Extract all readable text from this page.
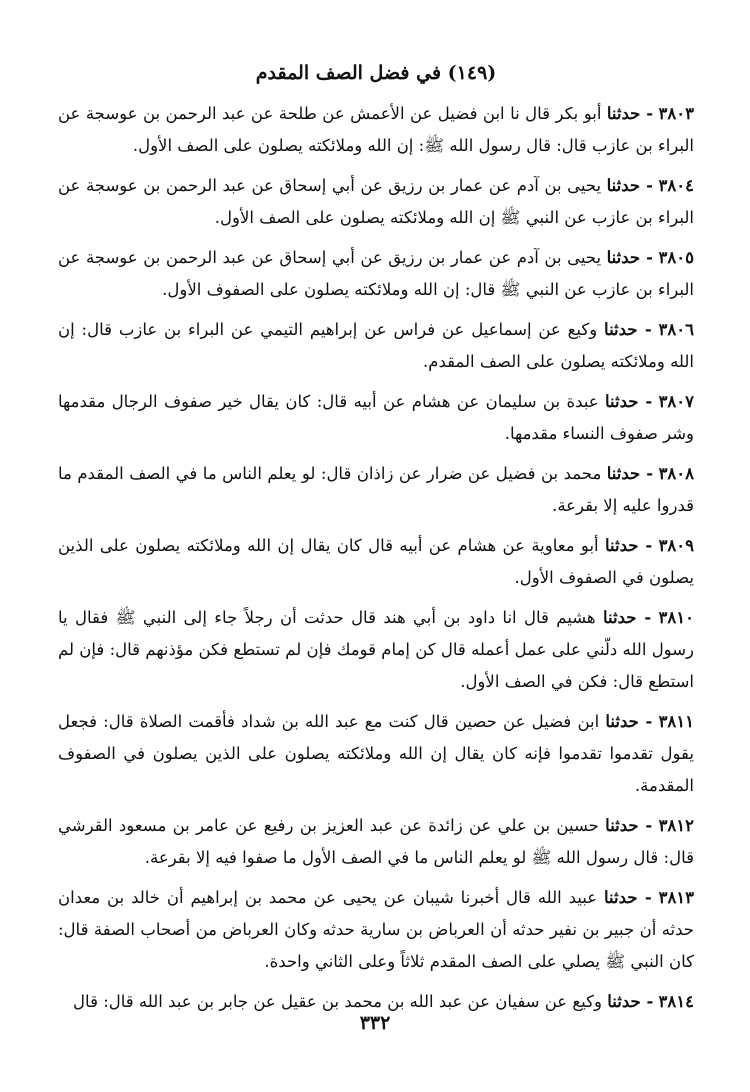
(١٤٩) في فضل الصف المقدم

٣٨٠٣ - حدثنا أبو بكر قال نا ابن فضيل عن الأعمش عن طلحة عن عبد الرحمن بن عوسجة عن البراء بن عازب قال: قال رسول الله ﷺ: إن الله وملائكته يصلون على الصف الأول.

٣٨٠٤ - حدثنا يحيى بن آدم عن عمار بن رزيق عن أبي إسحاق عن عبد الرحمن بن عوسجة عن البراء بن عازب عن النبي ﷺ إن الله وملائكته يصلون على الصف الأول.

٣٨٠٥ - حدثنا يحيى بن آدم عن عمار بن رزيق عن أبي إسحاق عن عبد الرحمن بن عوسجة عن البراء بن عازب عن النبي ﷺ قال: إن الله وملائكته يصلون على الصفوف الأول.

٣٨٠٦ - حدثنا وكيع عن إسماعيل عن فراس عن إبراهيم التيمي عن البراء بن عازب قال: إن الله وملائكته يصلون على الصف المقدم.

٣٨٠٧ - حدثنا عبدة بن سليمان عن هشام عن أبيه قال: كان يقال خير صفوف الرجال مقدمها وشر صفوف النساء مقدمها.

٣٨٠٨ - حدثنا محمد بن فضيل عن ضرار عن زاذان قال: لو يعلم الناس ما في الصف المقدم ما قدروا عليه إلا بقرعة.

٣٨٠٩ - حدثنا أبو معاوية عن هشام عن أبيه قال كان يقال إن الله وملائكته يصلون على الذين يصلون في الصفوف الأول.

٣٨١٠ - حدثنا هشيم قال انا داود بن أبي هند قال حدثت أن رجلاً جاء إلى النبي ﷺ فقال يا رسول الله دلّني على عمل أعمله قال كن إمام قومك فإن لم تستطع فكن مؤذنهم قال: فإن لم استطع قال: فكن في الصف الأول.

٣٨١١ - حدثنا ابن فضيل عن حصين قال كنت مع عبد الله بن شداد فأقمت الصلاة قال: فجعل يقول تقدموا تقدموا فإنه كان يقال إن الله وملائكته يصلون على الذين يصلون في الصفوف المقدمة.

٣٨١٢ - حدثنا حسين بن علي عن زائدة عن عبد العزيز بن رفيع عن عامر بن مسعود القرشي قال: قال رسول الله ﷺ لو يعلم الناس ما في الصف الأول ما صفوا فيه إلا بقرعة.

٣٨١٣ - حدثنا عبيد الله قال أخبرنا شيبان عن يحيى عن محمد بن إبراهيم أن خالد بن معدان حدثه أن جبير بن نفير حدثه أن العرباض بن سارية حدثه وكان العرباض من أصحاب الصفة قال: كان النبي ﷺ يصلي على الصف المقدم ثلاثاً وعلى الثاني واحدة.

٣٨١٤ - حدثنا وكيع عن سفيان عن عبد الله بن محمد بن عقيل عن جابر بن عبد الله قال: قال

٣٣٢
